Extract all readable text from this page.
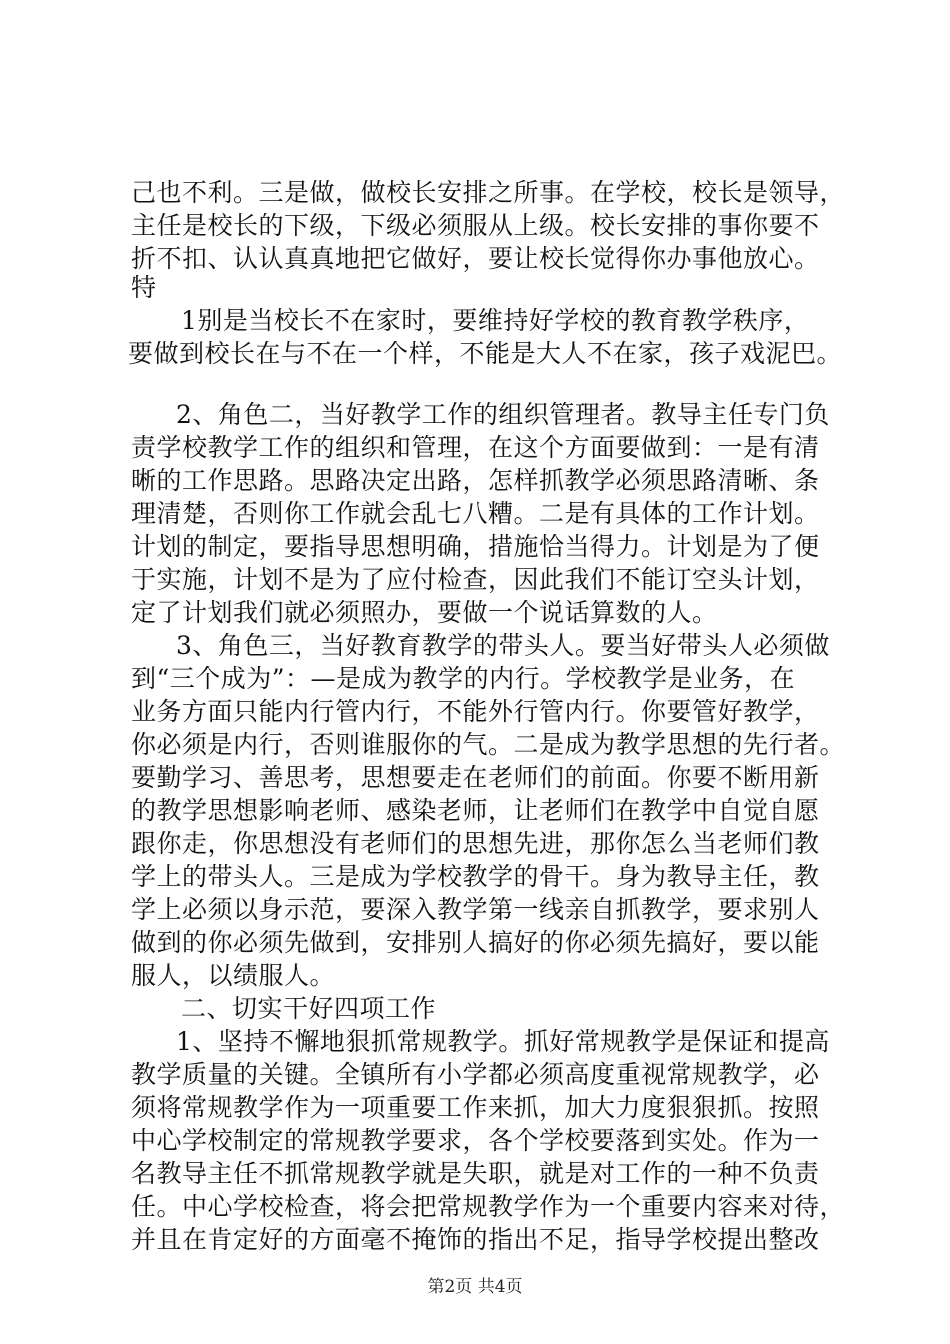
己也不利。三是做，做校长安排之所事。在学校，校长是领导，
主任是校长的下级，下级必须服从上级。校长安排的事你要不
折不扣、认认真真地把它做好，要让校长觉得你办事他放心。
特
1别是当校长不在家时，要维持好学校的教育教学秩序，
要做到校长在与不在一个样，不能是大人不在家，孩子戏泥巴。
2、角色二，当好教学工作的组织管理者。教导主任专门负
责学校教学工作的组织和管理，在这个方面要做到：一是有清
晰的工作思路。思路决定出路，怎样抓教学必须思路清晰、条
理清楚，否则你工作就会乱七八糟。二是有具体的工作计划。
计划的制定，要指导思想明确，措施恰当得力。计划是为了便
于实施，计划不是为了应付检查，因此我们不能订空头计划，
定了计划我们就必须照办，要做一个说话算数的人。
3、角色三，当好教育教学的带头人。要当好带头人必须做
到“三个成为”：—是成为教学的内行。学校教学是业务，在
业务方面只能内行管内行，不能外行管内行。你要管好教学，
你必须是内行，否则谁服你的气。二是成为教学思想的先行者。
要勤学习、善思考，思想要走在老师们的前面。你要不断用新
的教学思想影响老师、感染老师，让老师们在教学中自觉自愿
跟你走，你思想没有老师们的思想先进，那你怎么当老师们教
学上的带头人。三是成为学校教学的骨干。身为教导主任，教
学上必须以身示范，要深入教学第一线亲自抓教学，要求别人
做到的你必须先做到，安排别人搞好的你必须先搞好，要以能
服人，以绩服人。
二、切实干好四项工作
1、坚持不懈地狠抓常规教学。抓好常规教学是保证和提高
教学质量的关键。全镇所有小学都必须高度重视常规教学，必
须将常规教学作为一项重要工作来抓，加大力度狠狠抓。按照
中心学校制定的常规教学要求，各个学校要落到实处。作为一
名教导主任不抓常规教学就是失职，就是对工作的一种不负责
任。中心学校检查，将会把常规教学作为一个重要内容来对待，
并且在肯定好的方面毫不掩饰的指出不足，指导学校提出整改
第2页 共4页
